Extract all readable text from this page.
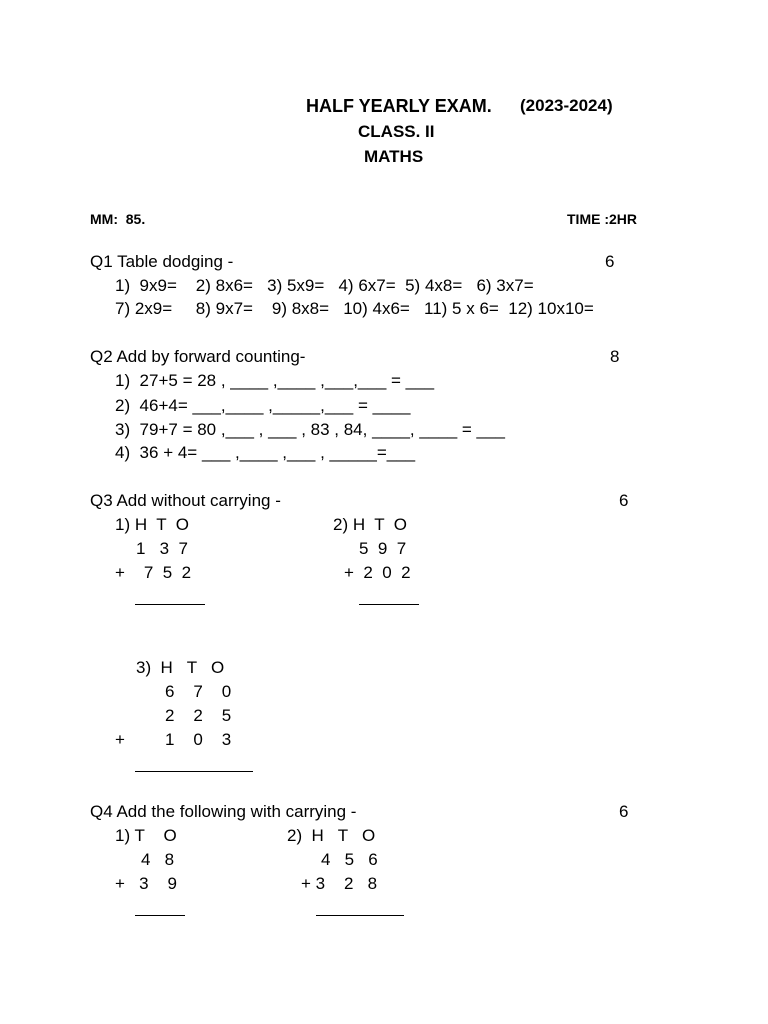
HALF YEARLY EXAM. (2023-2024)
CLASS. II
MATHS
MM:  85.	TIME :2HR
Q1 Table dodging -	6
1)  9x9=    2) 8x6=   3) 5x9=   4) 6x7=  5) 4x8=   6) 3x7=
7) 2x9=     8) 9x7=    9) 8x8=   10) 4x6=   11) 5 x 6=  12) 10x10=
Q2 Add by forward counting-	8
1)  27+5 = 28 , ____ ,____ ,___,___ = ___
2)  46+4= ___,____ ,_____,___ = ____
3)  79+7 = 80 ,___ , ___ , 83 , 84, ____, ____ = ___
4)  36 + 4= ___ ,____ ,___ , _____=___
Q3 Add without carrying -	6
1) H  T  O
1   3  7
+    7  5  2
2) H  T  O
5  9  7
+  2  0  2
3)  H   T   O
6    7    0
2    2    5
+ 1    0    3
Q4 Add the following with carrying -	6
1) T    O
4   8
+   3    9
2)  H   T   O
4   5   6
+ 3    2   8
